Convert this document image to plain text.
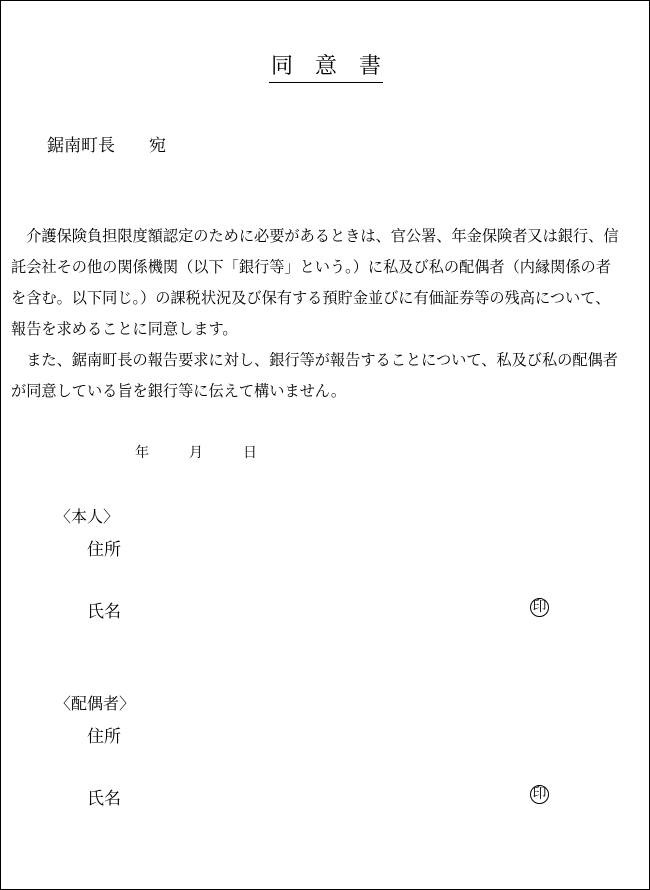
同　意　書
鋸南町長　　宛
　介護保険負担限度額認定のために必要があるときは、官公署、年金保険者又は銀行、信
託会社その他の関係機関（以下「銀行等」という。）に私及び私の配偶者（内縁関係の者
を含む。以下同じ。）の課税状況及び保有する預貯金並びに有価証券等の残高について、
報告を求めることに同意します。
　また、鋸南町長の報告要求に対し、銀行等が報告することについて、私及び私の配偶者
が同意している旨を銀行等に伝えて構いません。
年	月	日
〈本人〉
住所
氏名	印
〈配偶者〉
住所
氏名	印
